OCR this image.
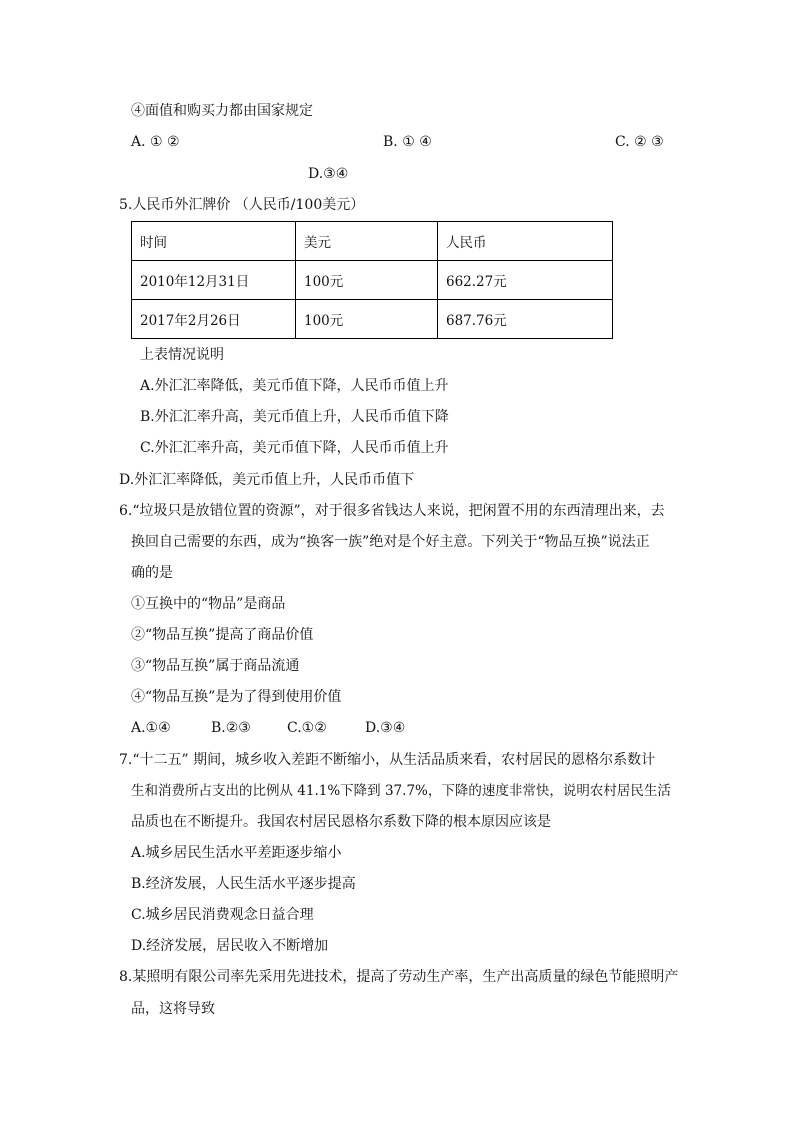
④面值和购买力都由国家规定
A. ① ②	B. ① ④	C. ② ③
D.③④
5.人民币外汇牌价 （人民币/100美元）
时间	美元	人民币
2010年12月31日	100元	662.27元
2017年2月26日	100元	687.76元
上表情况说明
A.外汇汇率降低，美元币值下降，人民币币值上升
B.外汇汇率升高，美元币值上升，人民币币值下降
C.外汇汇率升高，美元币值下降，人民币币值上升
D.外汇汇率降低，美元币值上升，人民币币值下
6.“垃圾只是放错位置的资源”，对于很多省钱达人来说，把闲置不用的东西清理出来，去
换回自己需要的东西，成为“换客一族”绝对是个好主意。下列关于“物品互换”说法正
确的是
①互换中的“物品”是商品
②“物品互换”提高了商品价值
③“物品互换”属于商品流通
④“物品互换”是为了得到使用价值
A.①④	B.②③	C.①②	D.③④
7.“十二五” 期间，城乡收入差距不断缩小，从生活品质来看，农村居民的恩格尔系数计
生和消费所占支出的比例从 41.1%下降到 37.7%，下降的速度非常快，说明农村居民生活
品质也在不断提升。我国农村居民恩格尔系数下降的根本原因应该是
A.城乡居民生活水平差距逐步缩小
B.经济发展，人民生活水平逐步提高
C.城乡居民消费观念日益合理
D.经济发展，居民收入不断增加
8.某照明有限公司率先采用先进技术，提高了劳动生产率，生产出高质量的绿色节能照明产
品，这将导致
